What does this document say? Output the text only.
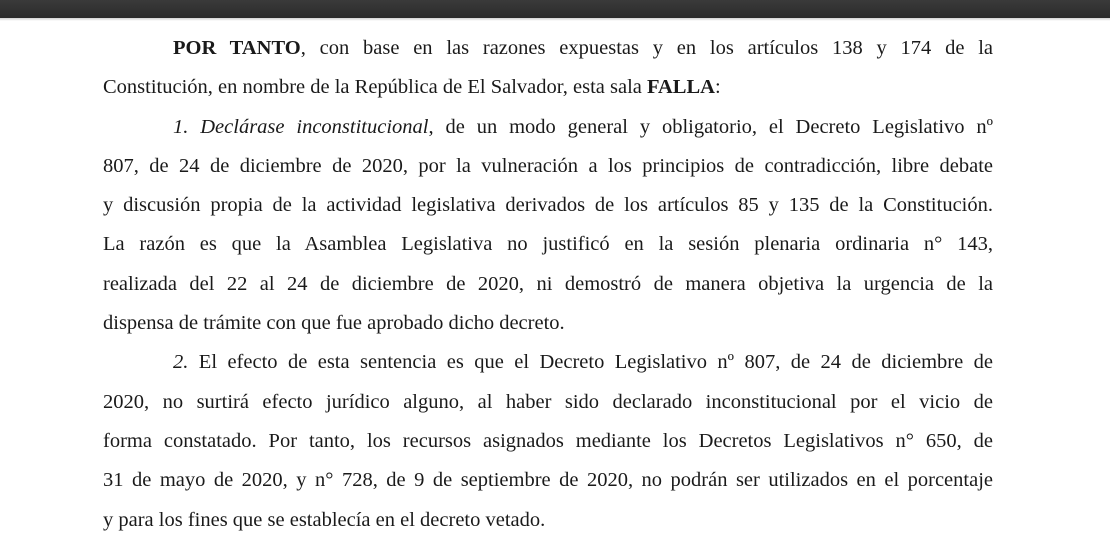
POR TANTO, con base en las razones expuestas y en los artículos 138 y 174 de la
Constitución, en nombre de la República de El Salvador, esta sala FALLA:
1. Declárase inconstitucional, de un modo general y obligatorio, el Decreto Legislativo nº
807, de 24 de diciembre de 2020, por la vulneración a los principios de contradicción, libre debate
y discusión propia de la actividad legislativa derivados de los artículos 85 y 135 de la Constitución.
La razón es que la Asamblea Legislativa no justificó en la sesión plenaria ordinaria n° 143,
realizada del 22 al 24 de diciembre de 2020, ni demostró de manera objetiva la urgencia de la
dispensa de trámite con que fue aprobado dicho decreto.
2. El efecto de esta sentencia es que el Decreto Legislativo nº 807, de 24 de diciembre de
2020, no surtirá efecto jurídico alguno, al haber sido declarado inconstitucional por el vicio de
forma constatado. Por tanto, los recursos asignados mediante los Decretos Legislativos n° 650, de
31 de mayo de 2020, y n° 728, de 9 de septiembre de 2020, no podrán ser utilizados en el porcentaje
y para los fines que se establecía en el decreto vetado.
